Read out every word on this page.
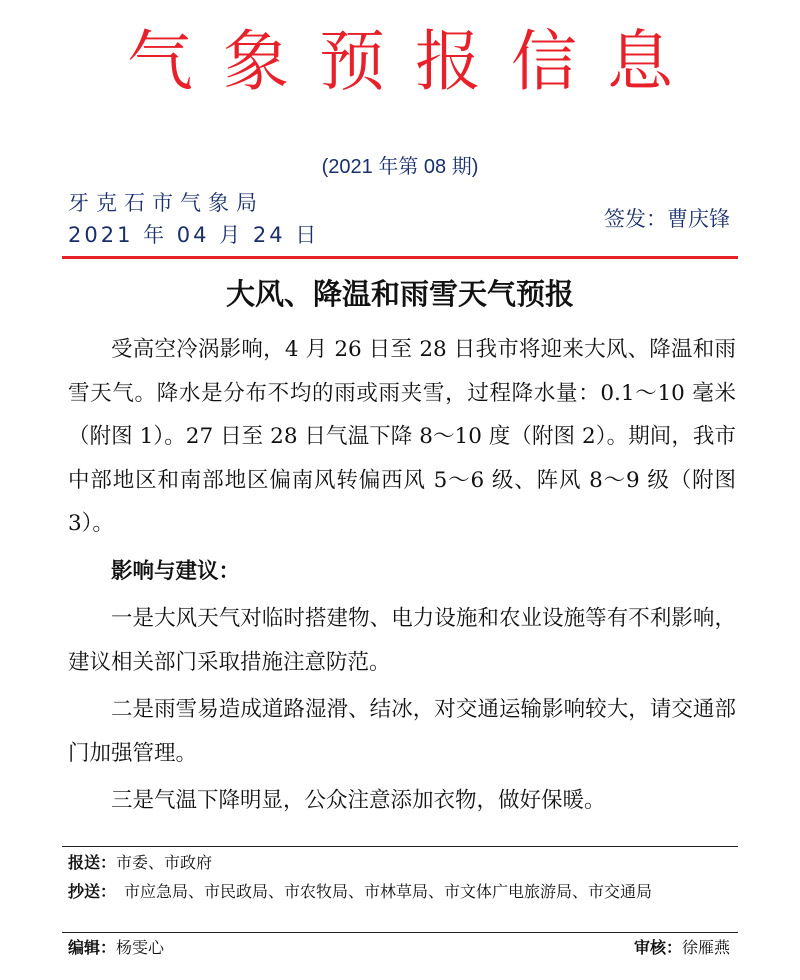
气象预报信息
(2021 年第 08 期)
牙克石市气象局
2021 年 04 月 24 日
签发：曹庆锋
大风、降温和雨雪天气预报

受高空冷涡影响，4 月 26 日至 28 日我市将迎来大风、降温和雨雪天气。降水是分布不均的雨或雨夹雪，过程降水量：0.1～10 毫米（附图 1）。27 日至 28 日气温下降 8～10 度（附图 2）。期间，我市中部地区和南部地区偏南风转偏西风 5～6 级、阵风 8～9 级（附图 3）。

影响与建议：

一是大风天气对临时搭建物、电力设施和农业设施等有不利影响，建议相关部门采取措施注意防范。

二是雨雪易造成道路湿滑、结冰，对交通运输影响较大，请交通部门加强管理。

三是气温下降明显，公众注意添加衣物，做好保暖。

报送：市委、市政府
抄送： 市应急局、市民政局、市农牧局、市林草局、市文体广电旅游局、市交通局
编辑：杨雯心	审核：徐雁燕
